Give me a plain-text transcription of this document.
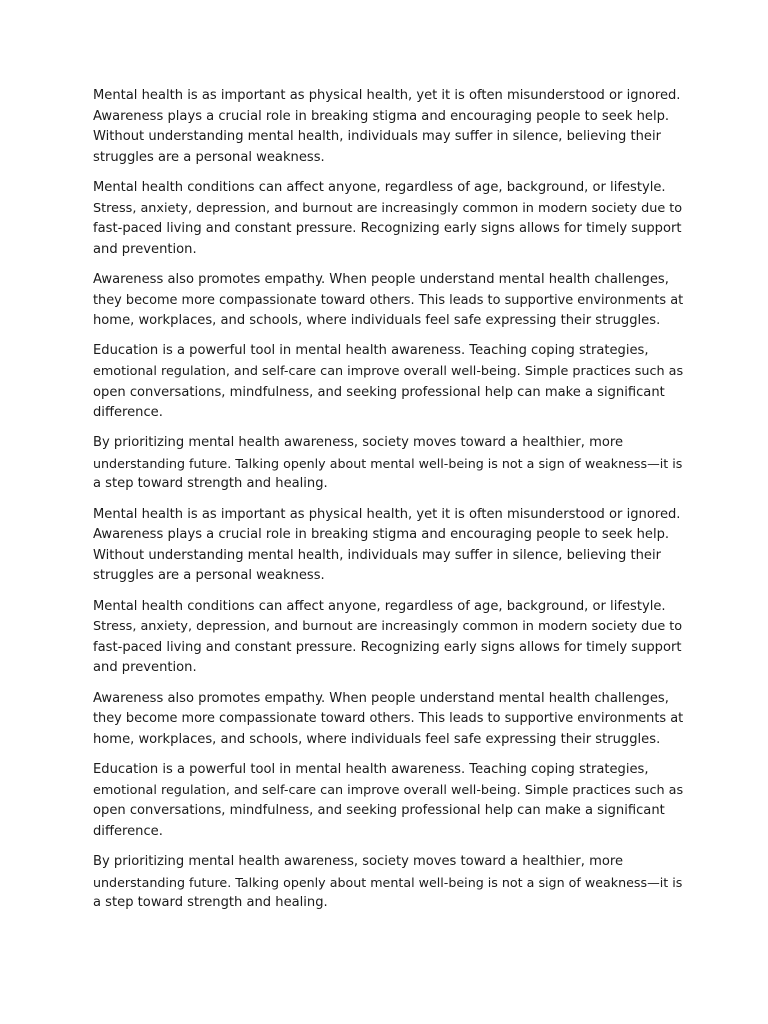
Mental health is as important as physical health, yet it is often misunderstood or ignored.
Awareness plays a crucial role in breaking stigma and encouraging people to seek help.
Without understanding mental health, individuals may suffer in silence, believing their
struggles are a personal weakness.

Mental health conditions can affect anyone, regardless of age, background, or lifestyle.
Stress, anxiety, depression, and burnout are increasingly common in modern society due to
fast-paced living and constant pressure. Recognizing early signs allows for timely support
and prevention.

Awareness also promotes empathy. When people understand mental health challenges,
they become more compassionate toward others. This leads to supportive environments at
home, workplaces, and schools, where individuals feel safe expressing their struggles.

Education is a powerful tool in mental health awareness. Teaching coping strategies,
emotional regulation, and self-care can improve overall well-being. Simple practices such as
open conversations, mindfulness, and seeking professional help can make a significant
difference.

By prioritizing mental health awareness, society moves toward a healthier, more
understanding future. Talking openly about mental well-being is not a sign of weakness—it is
a step toward strength and healing.

Mental health is as important as physical health, yet it is often misunderstood or ignored.
Awareness plays a crucial role in breaking stigma and encouraging people to seek help.
Without understanding mental health, individuals may suffer in silence, believing their
struggles are a personal weakness.

Mental health conditions can affect anyone, regardless of age, background, or lifestyle.
Stress, anxiety, depression, and burnout are increasingly common in modern society due to
fast-paced living and constant pressure. Recognizing early signs allows for timely support
and prevention.

Awareness also promotes empathy. When people understand mental health challenges,
they become more compassionate toward others. This leads to supportive environments at
home, workplaces, and schools, where individuals feel safe expressing their struggles.

Education is a powerful tool in mental health awareness. Teaching coping strategies,
emotional regulation, and self-care can improve overall well-being. Simple practices such as
open conversations, mindfulness, and seeking professional help can make a significant
difference.

By prioritizing mental health awareness, society moves toward a healthier, more
understanding future. Talking openly about mental well-being is not a sign of weakness—it is
a step toward strength and healing.
